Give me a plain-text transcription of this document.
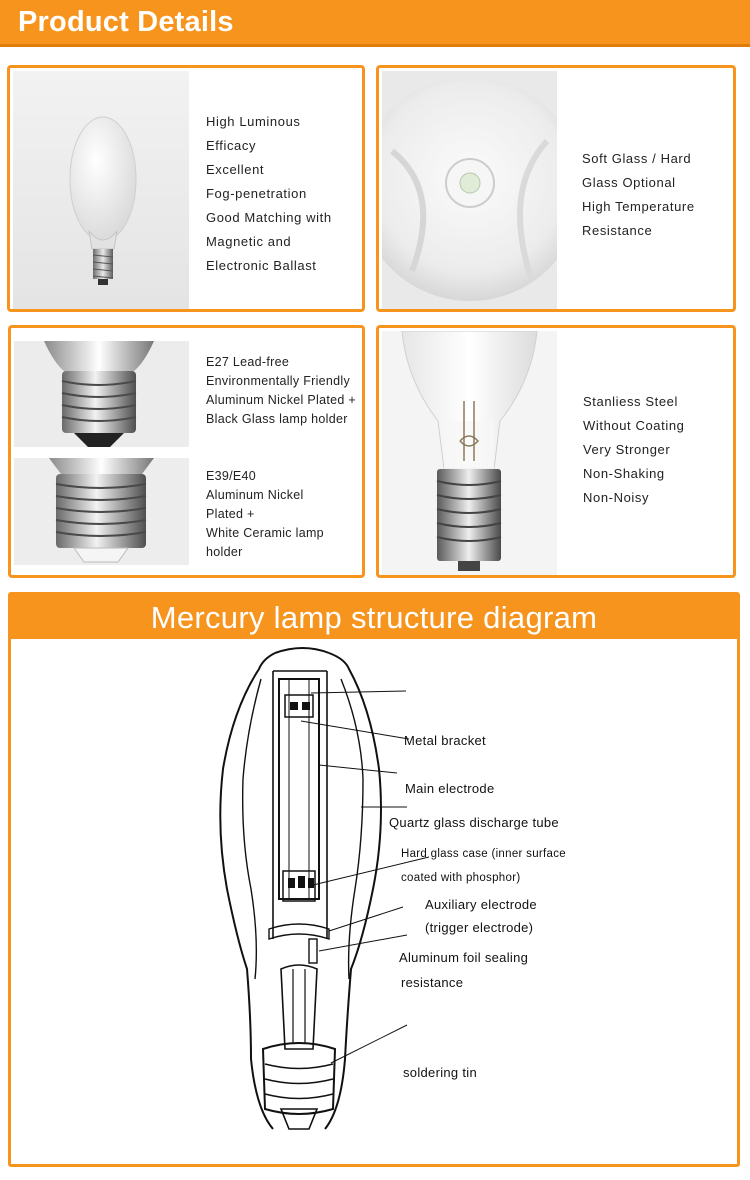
Product Details
High Luminous
Efficacy
Excellent
Fog-penetration
Good Matching with
Magnetic and
Electronic Ballast
Soft Glass / Hard
Glass Optional
High Temperature
Resistance
E27 Lead-free
Environmentally Friendly
Aluminum Nickel Plated +
Black Glass lamp holder
E39/E40
Aluminum Nickel
Plated +
White Ceramic lamp
holder
Stanliess Steel
Without Coating
Very Stronger
Non-Shaking
Non-Noisy
Mercury lamp structure diagram
Metal bracket
Main electrode
Quartz glass discharge tube
Hard glass case (inner surface
coated with phosphor)
Auxiliary electrode
(trigger electrode)
Aluminum foil sealing
resistance
soldering tin
